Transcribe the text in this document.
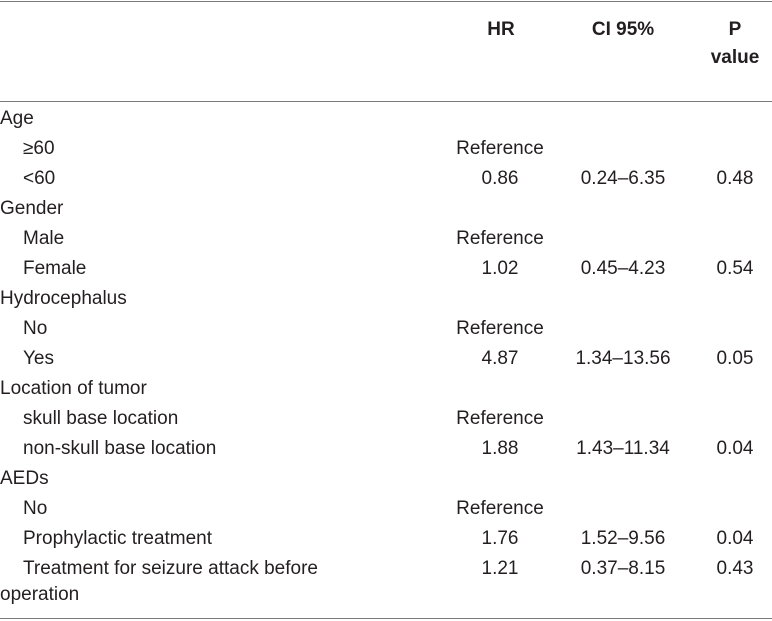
HR	CI 95%	P
value
Age
≥60	Reference
<60	0.86	0.24–6.35	0.48
Gender
Male	Reference
Female	1.02	0.45–4.23	0.54
Hydrocephalus
No	Reference
Yes	4.87	1.34–13.56	0.05
Location of tumor
skull base location	Reference
non-skull base location	1.88	1.43–11.34	0.04
AEDs
No	Reference
Prophylactic treatment	1.76	1.52–9.56	0.04
Treatment for seizure attack before	1.21	0.37–8.15	0.43
operation
